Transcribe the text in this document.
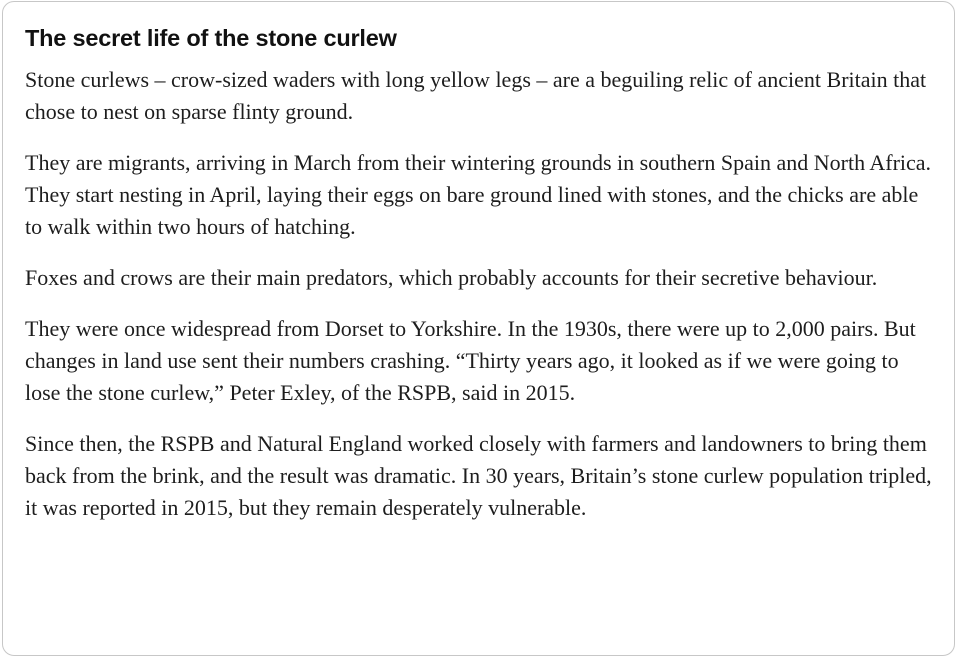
The secret life of the stone curlew

Stone curlews – crow-sized waders with long yellow legs – are a beguiling relic of ancient Britain that chose to nest on sparse flinty ground.

They are migrants, arriving in March from their wintering grounds in southern Spain and North Africa. They start nesting in April, laying their eggs on bare ground lined with stones, and the chicks are able to walk within two hours of hatching.

Foxes and crows are their main predators, which probably accounts for their secretive behaviour.

They were once widespread from Dorset to Yorkshire. In the 1930s, there were up to 2,000 pairs. But changes in land use sent their numbers crashing. “Thirty years ago, it looked as if we were going to lose the stone curlew,” Peter Exley, of the RSPB, said in 2015.

Since then, the RSPB and Natural England worked closely with farmers and landowners to bring them back from the brink, and the result was dramatic. In 30 years, Britain’s stone curlew population tripled, it was reported in 2015, but they remain desperately vulnerable.
